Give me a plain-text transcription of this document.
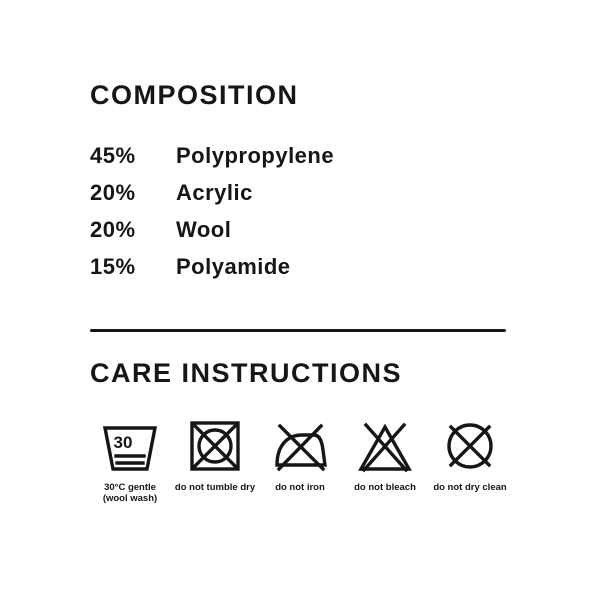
COMPOSITION
45%	Polypropylene
20%	Acrylic
20%	Wool
15%	Polyamide
CARE INSTRUCTIONS
30
30°C gentle
(wool wash)
do not tumble dry do not iron	do not bleach do not dry clean
